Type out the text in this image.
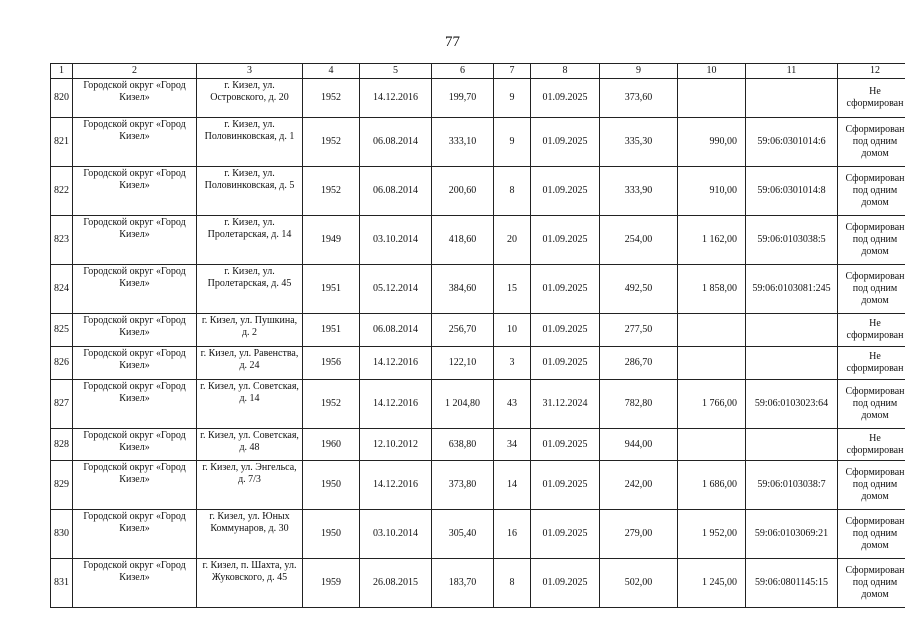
77
1	2	3	4	5	6	7	8	9	10	11	12
820	Городской округ «Город Кизел»	г. Кизел, ул. Островского, д. 20	1952	14.12.2016	199,70	9	01.09.2025	373,60			Не сформирован
821	Городской округ «Город Кизел»	г. Кизел, ул. Половинковская, д. 1	1952	06.08.2014	333,10	9	01.09.2025	335,30	990,00	59:06:0301014:6	Сформирован под одним домом
822	Городской округ «Город Кизел»	г. Кизел, ул. Половинковская, д. 5	1952	06.08.2014	200,60	8	01.09.2025	333,90	910,00	59:06:0301014:8	Сформирован под одним домом
823	Городской округ «Город Кизел»	г. Кизел, ул. Пролетарская, д. 14	1949	03.10.2014	418,60	20	01.09.2025	254,00	1 162,00	59:06:0103038:5	Сформирован под одним домом
824	Городской округ «Город Кизел»	г. Кизел, ул. Пролетарская, д. 45	1951	05.12.2014	384,60	15	01.09.2025	492,50	1 858,00	59:06:0103081:245	Сформирован под одним домом
825	Городской округ «Город Кизел»	г. Кизел, ул. Пушкина, д. 2	1951	06.08.2014	256,70	10	01.09.2025	277,50			Не сформирован
826	Городской округ «Город Кизел»	г. Кизел, ул. Равенства, д. 24	1956	14.12.2016	122,10	3	01.09.2025	286,70			Не сформирован
827	Городской округ «Город Кизел»	г. Кизел, ул. Советская, д. 14	1952	14.12.2016	1 204,80	43	31.12.2024	782,80	1 766,00	59:06:0103023:64	Сформирован под одним домом
828	Городской округ «Город Кизел»	г. Кизел, ул. Советская, д. 48	1960	12.10.2012	638,80	34	01.09.2025	944,00			Не сформирован
829	Городской округ «Город Кизел»	г. Кизел, ул. Энгельса, д. 7/3	1950	14.12.2016	373,80	14	01.09.2025	242,00	1 686,00	59:06:0103038:7	Сформирован под одним домом
830	Городской округ «Город Кизел»	г. Кизел, ул. Юных Коммунаров, д. 30	1950	03.10.2014	305,40	16	01.09.2025	279,00	1 952,00	59:06:0103069:21	Сформирован под одним домом
831	Городской округ «Город Кизел»	г. Кизел, п. Шахта, ул. Жуковского, д. 45	1959	26.08.2015	183,70	8	01.09.2025	502,00	1 245,00	59:06:0801145:15	Сформирован под одним домом
